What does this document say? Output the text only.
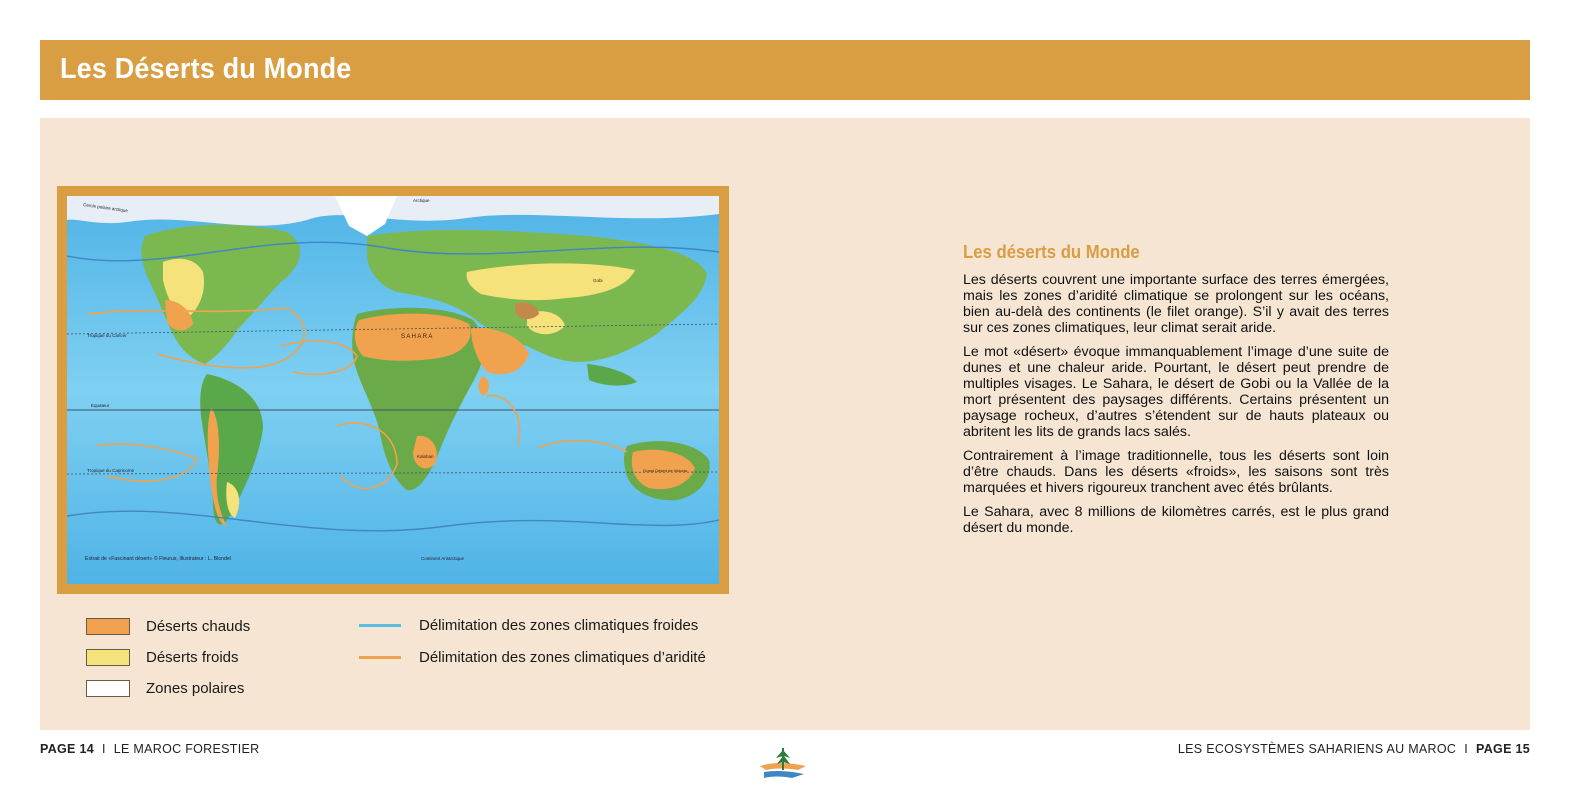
Les Déserts du Monde
Arctique
Cercle polaire arctique
Tropique du Cancer
Equateur
Tropique du Capricorne
Continent Antarctique
S A H A R A
Gobi
Kalahari
Grand Désert de Victoria
Extrait de «Fascinant désert» © Fleurus, Illustrateur : L. Blondel
Déserts chauds
Déserts froids
Zones polaires
Délimitation des zones climatiques froides
Délimitation des zones climatiques d’aridité
Les déserts du Monde

Les déserts couvrent une importante surface des terres émergées, mais les zones d’aridité climatique se prolongent sur les océans, bien au-delà des continents (le filet orange). S’il y avait des terres sur ces zones climatiques, leur climat serait aride.

Le mot «désert» évoque immanquablement l’image d’une suite de dunes et une chaleur aride. Pourtant, le désert peut prendre de multiples visages. Le Sahara, le désert de Gobi ou la Vallée de la mort présentent des paysages différents. Certains présentent un paysage rocheux, d’autres s’étendent sur de hauts plateaux ou abritent les lits de grands lacs salés.

Contrairement à l’image traditionnelle, tous les déserts sont loin d’être chauds. Dans les déserts «froids», les saisons sont très marquées et hivers rigoureux tranchent avec étés brûlants.

Le Sahara, avec 8 millions de kilomètres carrés, est le plus grand désert du monde.

PAGE 14 I LE MAROC FORESTIER	LES ECOSYSTÈMES SAHARIENS AU MAROC I PAGE 15
